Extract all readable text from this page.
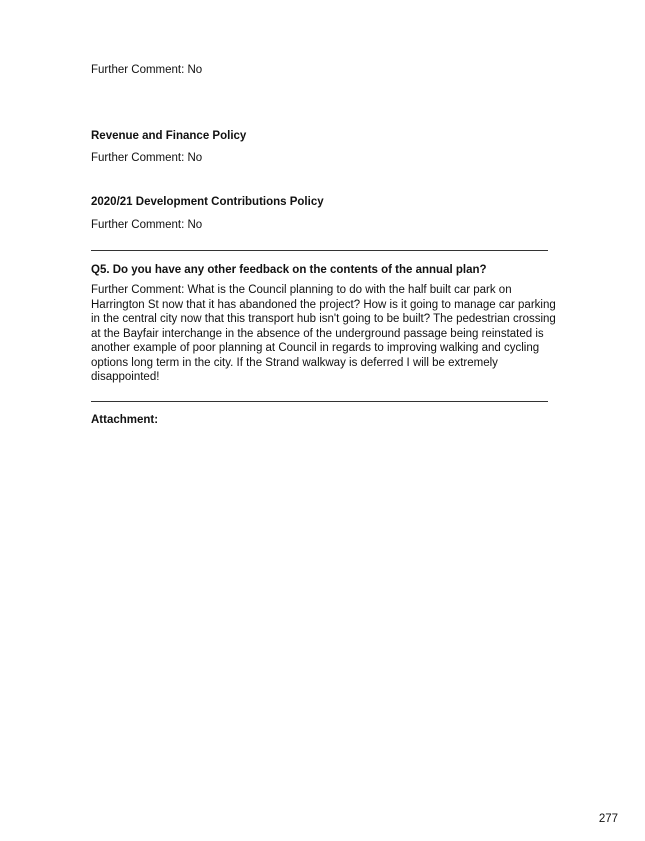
Further Comment: No
Revenue and Finance Policy
Further Comment: No
2020/21 Development Contributions Policy
Further Comment: No
Q5. Do you have any other feedback on the contents of the annual plan?
Further Comment: What is the Council planning to do with the half built car park on
Harrington St now that it has abandoned the project? How is it going to manage car parking
in the central city now that this transport hub isn't going to be built? The pedestrian crossing
at the Bayfair interchange in the absence of the underground passage being reinstated is
another example of poor planning at Council in regards to improving walking and cycling
options long term in the city. If the Strand walkway is deferred I will be extremely
disappointed!
Attachment:
277
